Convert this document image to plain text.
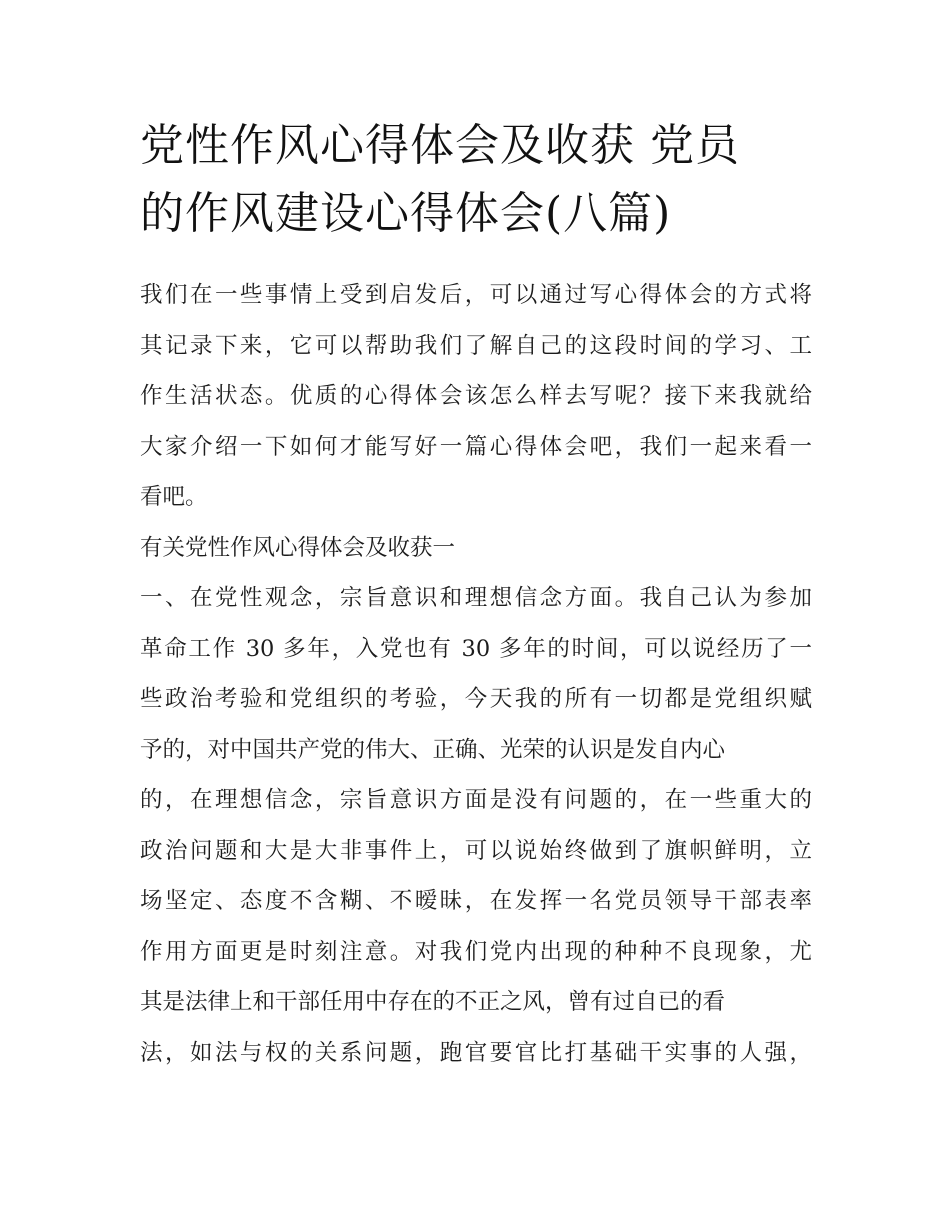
党性作风心得体会及收获 党员
的作风建设心得体会(八篇)
我们在一些事情上受到启发后，可以通过写心得体会的方式将
其记录下来，它可以帮助我们了解自己的这段时间的学习、工
作生活状态。优质的心得体会该怎么样去写呢？接下来我就给
大家介绍一下如何才能写好一篇心得体会吧，我们一起来看一
看吧。
有关党性作风心得体会及收获一
一、在党性观念，宗旨意识和理想信念方面。我自己认为参加
革命工作 30 多年，入党也有 30 多年的时间，可以说经历了一
些政治考验和党组织的考验，今天我的所有一切都是党组织赋
予的，对中国共产党的伟大、正确、光荣的认识是发自内心
的，在理想信念，宗旨意识方面是没有问题的，在一些重大的
政治问题和大是大非事件上，可以说始终做到了旗帜鲜明，立
场坚定、态度不含糊、不暧昧，在发挥一名党员领导干部表率
作用方面更是时刻注意。对我们党内出现的种种不良现象，尤
其是法律上和干部任用中存在的不正之风，曾有过自已的看
法，如法与权的关系问题，跑官要官比打基础干实事的人强，
